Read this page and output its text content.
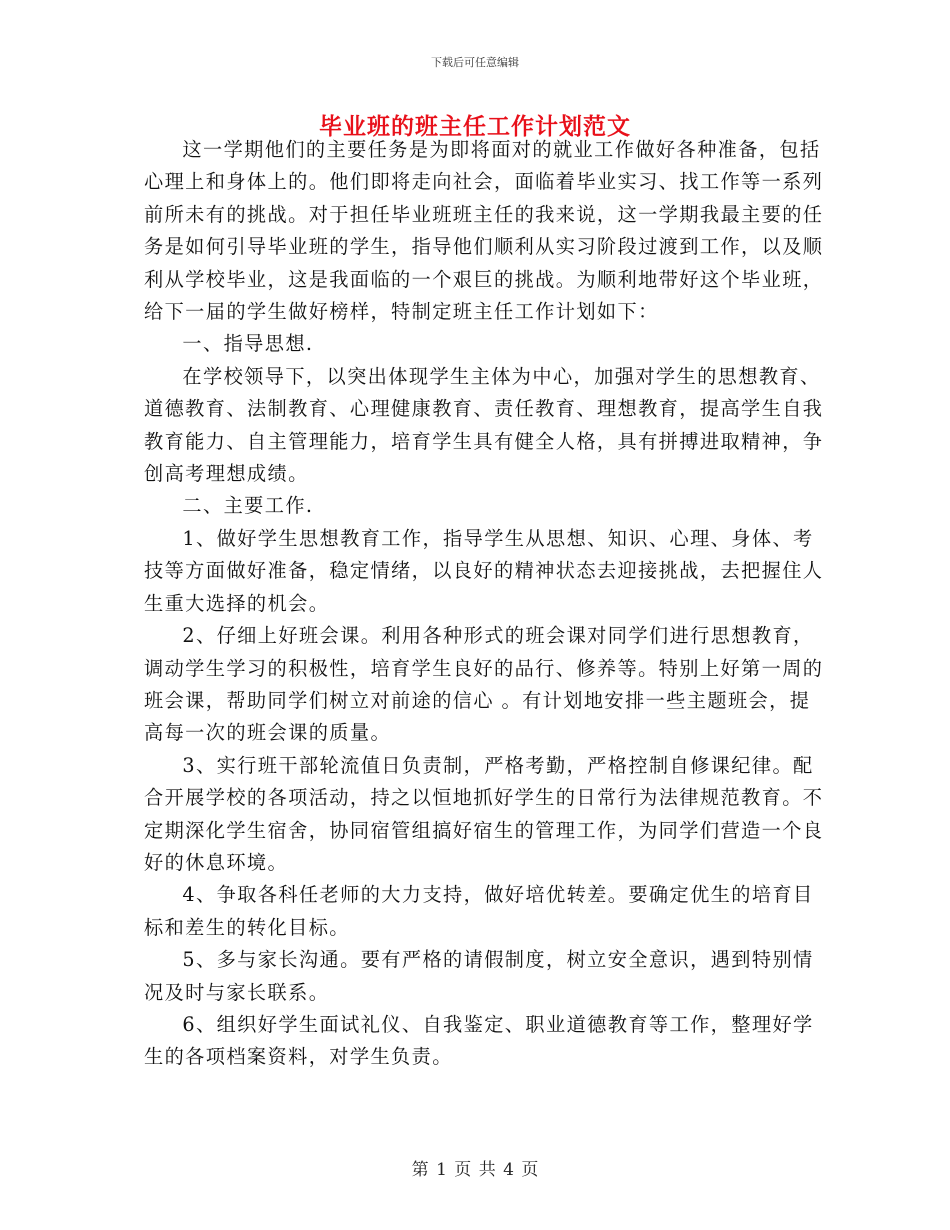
下载后可任意编辑
毕业班的班主任工作计划范文

这一学期他们的主要任务是为即将面对的就业工作做好各种准备，包括心理上和身体上的。他们即将走向社会，面临着毕业实习、找工作等一系列前所未有的挑战。对于担任毕业班班主任的我来说，这一学期我最主要的任务是如何引导毕业班的学生，指导他们顺利从实习阶段过渡到工作，以及顺利从学校毕业，这是我面临的一个艰巨的挑战。为顺利地带好这个毕业班，给下一届的学生做好榜样，特制定班主任工作计划如下：

一、指导思想.

在学校领导下，以突出体现学生主体为中心，加强对学生的思想教育、道德教育、法制教育、心理健康教育、责任教育、理想教育，提高学生自我教育能力、自主管理能力，培育学生具有健全人格，具有拼搏进取精神，争创高考理想成绩。

二、主要工作.

1、做好学生思想教育工作，指导学生从思想、知识、心理、身体、考技等方面做好准备，稳定情绪，以良好的精神状态去迎接挑战，去把握住人生重大选择的机会。

2、仔细上好班会课。利用各种形式的班会课对同学们进行思想教育，调动学生学习的积极性，培育学生良好的品行、修养等。特别上好第一周的班会课，帮助同学们树立对前途的信心 。有计划地安排一些主题班会，提高每一次的班会课的质量。

3、实行班干部轮流值日负责制，严格考勤，严格控制自修课纪律。配合开展学校的各项活动，持之以恒地抓好学生的日常行为法律规范教育。不定期深化学生宿舍，协同宿管组搞好宿生的管理工作，为同学们营造一个良好的休息环境。

4、争取各科任老师的大力支持，做好培优转差。要确定优生的培育目标和差生的转化目标。

5、多与家长沟通。要有严格的请假制度，树立安全意识，遇到特别情况及时与家长联系。

6、组织好学生面试礼仪、自我鉴定、职业道德教育等工作，整理好学生的各项档案资料，对学生负责。

第 1 页 共 4 页
